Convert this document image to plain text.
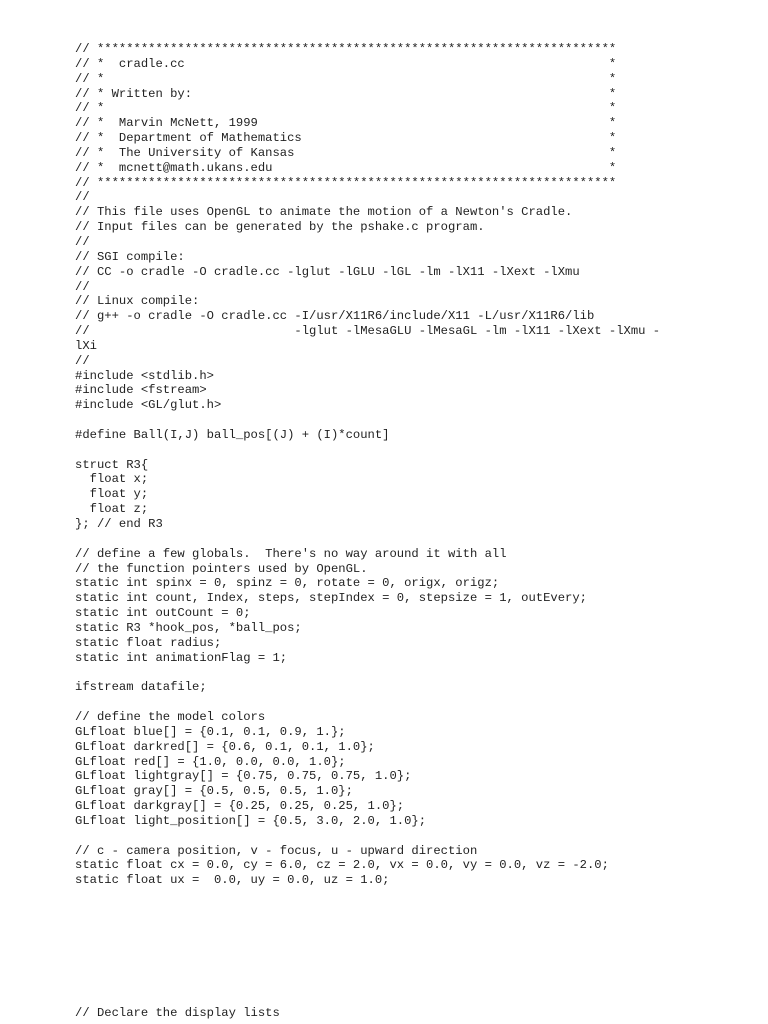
// ***********************************************************************
// *  cradle.cc                                                          *
// *                                                                     *
// * Written by:                                                         *
// *                                                                     *
// *  Marvin McNett, 1999                                                *
// *  Department of Mathematics                                          *
// *  The University of Kansas                                           *
// *  mcnett@math.ukans.edu                                              *
// ***********************************************************************
//
// This file uses OpenGL to animate the motion of a Newton's Cradle.
// Input files can be generated by the pshake.c program.
//
// SGI compile:
// CC -o cradle -O cradle.cc -lglut -lGLU -lGL -lm -lX11 -lXext -lXmu
//
// Linux compile:
// g++ -o cradle -O cradle.cc -I/usr/X11R6/include/X11 -L/usr/X11R6/lib
//                            -lglut -lMesaGLU -lMesaGL -lm -lX11 -lXext -lXmu -
lXi
//
#include <stdlib.h>
#include <fstream>
#include <GL/glut.h>
#define Ball(I,J) ball_pos[(J) + (I)*count]
struct R3{
float x;
float y;
float z;
}; // end R3
// define a few globals.  There's no way around it with all
// the function pointers used by OpenGL.
static int spinx = 0, spinz = 0, rotate = 0, origx, origz;
static int count, Index, steps, stepIndex = 0, stepsize = 1, outEvery;
static int outCount = 0;
static R3 *hook_pos, *ball_pos;
static float radius;
static int animationFlag = 1;
ifstream datafile;
// define the model colors
GLfloat blue[] = {0.1, 0.1, 0.9, 1.};
GLfloat darkred[] = {0.6, 0.1, 0.1, 1.0};
GLfloat red[] = {1.0, 0.0, 0.0, 1.0};
GLfloat lightgray[] = {0.75, 0.75, 0.75, 1.0};
GLfloat gray[] = {0.5, 0.5, 0.5, 1.0};
GLfloat darkgray[] = {0.25, 0.25, 0.25, 1.0};
GLfloat light_position[] = {0.5, 3.0, 2.0, 1.0};
// c - camera position, v - focus, u - upward direction
static float cx = 0.0, cy = 6.0, cz = 2.0, vx = 0.0, vy = 0.0, vz = -2.0;
static float ux =  0.0, uy = 0.0, uz = 1.0;
// Declare the display lists
